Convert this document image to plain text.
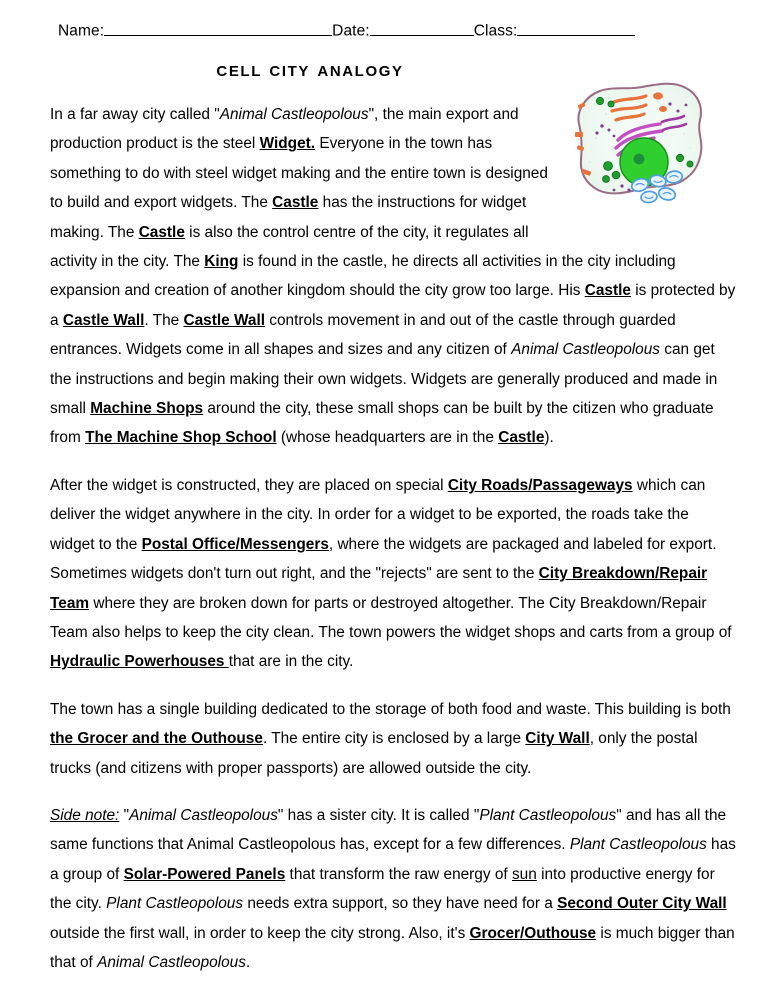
Name:	Date:	Class:
cell city analogy

In a far away city called "Animal Castleopolous", the main export and production product is the steel Widget. Everyone in the town has something to do with steel widget making and the entire town is designed to build and export widgets. The Castle has the instructions for widget making. The Castle is also the control centre of the city, it regulates all activity in the city. The King is found in the castle, he directs all activities in the city including expansion and creation of another kingdom should the city grow too large. His Castle is protected by a Castle Wall. The Castle Wall controls movement in and out of the castle through guarded entrances. Widgets come in all shapes and sizes and any citizen of Animal Castleopolous can get the instructions and begin making their own widgets. Widgets are generally produced and made in small Machine Shops around the city, these small shops can be built by the citizen who graduate from The Machine Shop School (whose headquarters are in the Castle).

After the widget is constructed, they are placed on special City Roads/Passageways which can deliver the widget anywhere in the city. In order for a widget to be exported, the roads take the widget to the Postal Office/Messengers, where the widgets are packaged and labeled for export. Sometimes widgets don't turn out right, and the "rejects" are sent to the City Breakdown/Repair Team where they are broken down for parts or destroyed altogether. The City Breakdown/Repair Team also helps to keep the city clean. The town powers the widget shops and carts from a group of Hydraulic Powerhouses that are in the city.

The town has a single building dedicated to the storage of both food and waste. This building is both the Grocer and the Outhouse. The entire city is enclosed by a large City Wall, only the postal trucks (and citizens with proper passports) are allowed outside the city.

Side note: "Animal Castleopolous" has a sister city. It is called "Plant Castleopolous" and has all the same functions that Animal Castleopolous has, except for a few differences. Plant Castleopolous has a group of Solar-Powered Panels that transform the raw energy of sun into productive energy for the city. Plant Castleopolous needs extra support, so they have need for a Second Outer City Wall outside the first wall, in order to keep the city strong. Also, it's Grocer/Outhouse is much bigger than that of Animal Castleopolous.
